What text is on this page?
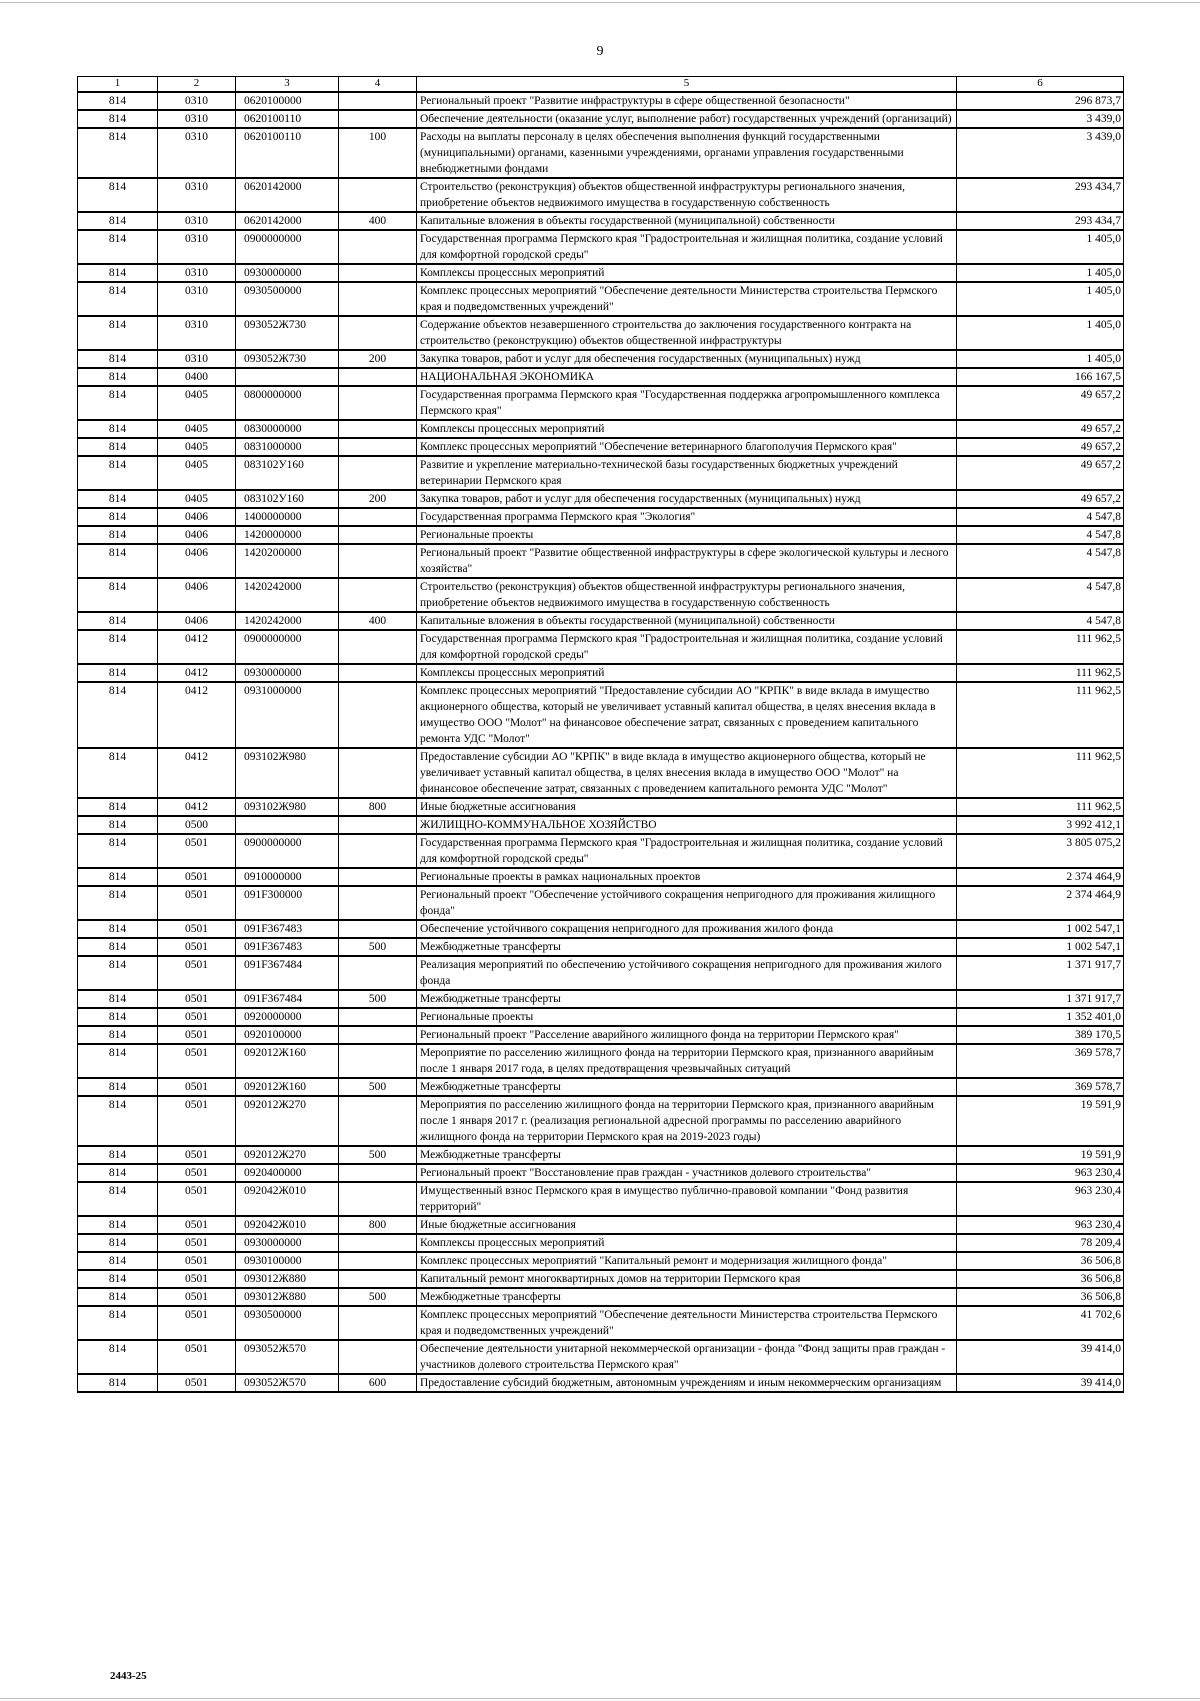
9
1	2	3	4	5	6
814	0310	0620100000		Региональный проект "Развитие инфраструктуры в сфере общественной безопасности"	296 873,7
814	0310	0620100110		Обеспечение деятельности (оказание услуг, выполнение работ) государственных учреждений (организаций)	3 439,0
814	0310	0620100110	100	Расходы на выплаты персоналу в целях обеспечения выполнения функций государственными (муниципальными) органами, казенными учреждениями, органами управления государственными внебюджетными фондами	3 439,0
814	0310	0620142000		Строительство (реконструкция) объектов общественной инфраструктуры регионального значения, приобретение объектов недвижимого имущества в государственную собственность	293 434,7
814	0310	0620142000	400	Капитальные вложения в объекты государственной (муниципальной) собственности	293 434,7
814	0310	0900000000		Государственная программа Пермского края "Градостроительная и жилищная политика, создание условий для комфортной городской среды"	1 405,0
814	0310	0930000000		Комплексы процессных мероприятий	1 405,0
814	0310	0930500000		Комплекс процессных мероприятий "Обеспечение деятельности Министерства строительства Пермского края и подведомственных учреждений"	1 405,0
814	0310	093052Ж730		Содержание объектов незавершенного строительства до заключения государственного контракта на строительство (реконструкцию) объектов общественной инфраструктуры	1 405,0
814	0310	093052Ж730	200	Закупка товаров, работ и услуг для обеспечения государственных (муниципальных) нужд	1 405,0
814	0400			НАЦИОНАЛЬНАЯ ЭКОНОМИКА	166 167,5
814	0405	0800000000		Государственная программа Пермского края "Государственная поддержка агропромышленного комплекса Пермского края"	49 657,2
814	0405	0830000000		Комплексы процессных мероприятий	49 657,2
814	0405	0831000000		Комплекс процессных мероприятий "Обеспечение ветеринарного благополучия Пермского края"	49 657,2
814	0405	083102У160		Развитие и укрепление материально-технической базы государственных бюджетных учреждений ветеринарии Пермского края	49 657,2
814	0405	083102У160	200	Закупка товаров, работ и услуг для обеспечения государственных (муниципальных) нужд	49 657,2
814	0406	1400000000		Государственная программа Пермского края "Экология"	4 547,8
814	0406	1420000000		Региональные проекты	4 547,8
814	0406	1420200000		Региональный проект "Развитие общественной инфраструктуры в сфере экологической культуры и лесного хозяйства"	4 547,8
814	0406	1420242000		Строительство (реконструкция) объектов общественной инфраструктуры регионального значения, приобретение объектов недвижимого имущества в государственную собственность	4 547,8
814	0406	1420242000	400	Капитальные вложения в объекты государственной (муниципальной) собственности	4 547,8
814	0412	0900000000		Государственная программа Пермского края "Градостроительная и жилищная политика, создание условий для комфортной городской среды"	111 962,5
814	0412	0930000000		Комплексы процессных мероприятий	111 962,5
814	0412	0931000000		Комплекс процессных мероприятий "Предоставление субсидии АО "КРПК" в виде вклада в имущество акционерного общества, который не увеличивает уставный капитал общества, в целях внесения вклада в имущество ООО "Молот" на финансовое обеспечение затрат, связанных с проведением капитального ремонта УДС "Молот"	111 962,5
814	0412	093102Ж980		Предоставление субсидии АО "КРПК" в виде вклада в имущество акционерного общества, который не увеличивает уставный капитал общества, в целях внесения вклада в имущество ООО "Молот" на финансовое обеспечение затрат, связанных с проведением капитального ремонта УДС "Молот"	111 962,5
814	0412	093102Ж980	800	Иные бюджетные ассигнования	111 962,5
814	0500			ЖИЛИЩНО-КОММУНАЛЬНОЕ ХОЗЯЙСТВО	3 992 412,1
814	0501	0900000000		Государственная программа Пермского края "Градостроительная и жилищная политика, создание условий для комфортной городской среды"	3 805 075,2
814	0501	0910000000		Региональные проекты в рамках национальных проектов	2 374 464,9
814	0501	091F300000		Региональный проект "Обеспечение устойчивого сокращения непригодного для проживания жилищного фонда"	2 374 464,9
814	0501	091F367483		Обеспечение устойчивого сокращения непригодного для проживания жилого фонда	1 002 547,1
814	0501	091F367483	500	Межбюджетные трансферты	1 002 547,1
814	0501	091F367484		Реализация мероприятий по обеспечению устойчивого сокращения непригодного для проживания жилого фонда	1 371 917,7
814	0501	091F367484	500	Межбюджетные трансферты	1 371 917,7
814	0501	0920000000		Региональные проекты	1 352 401,0
814	0501	0920100000		Региональный проект "Расселение аварийного жилищного фонда на территории Пермского края"	389 170,5
814	0501	092012Ж160		Мероприятие по расселению жилищного фонда на территории Пермского края, признанного аварийным после 1 января 2017 года, в целях предотвращения чрезвычайных ситуаций	369 578,7
814	0501	092012Ж160	500	Межбюджетные трансферты	369 578,7
814	0501	092012Ж270		Мероприятия по расселению жилищного фонда на территории Пермского края, признанного аварийным после 1 января 2017 г. (реализация региональной адресной программы по расселению аварийного жилищного фонда на территории Пермского края на 2019-2023 годы)	19 591,9
814	0501	092012Ж270	500	Межбюджетные трансферты	19 591,9
814	0501	0920400000		Региональный проект "Восстановление прав граждан - участников долевого строительства"	963 230,4
814	0501	092042Ж010		Имущественный взнос Пермского края в имущество публично-правовой компании "Фонд развития территорий"	963 230,4
814	0501	092042Ж010	800	Иные бюджетные ассигнования	963 230,4
814	0501	0930000000		Комплексы процессных мероприятий	78 209,4
814	0501	0930100000		Комплекс процессных мероприятий "Капитальный ремонт и модернизация жилищного фонда"	36 506,8
814	0501	093012Ж880		Капитальный ремонт многоквартирных домов на территории Пермского края	36 506,8
814	0501	093012Ж880	500	Межбюджетные трансферты	36 506,8
814	0501	0930500000		Комплекс процессных мероприятий "Обеспечение деятельности Министерства строительства Пермского края и подведомственных учреждений"	41 702,6
814	0501	093052Ж570		Обеспечение деятельности унитарной некоммерческой организации - фонда "Фонд защиты прав граждан - участников долевого строительства Пермского края"	39 414,0
814	0501	093052Ж570	600	Предоставление субсидий бюджетным, автономным учреждениям и иным некоммерческим организациям	39 414,0
2443-25
